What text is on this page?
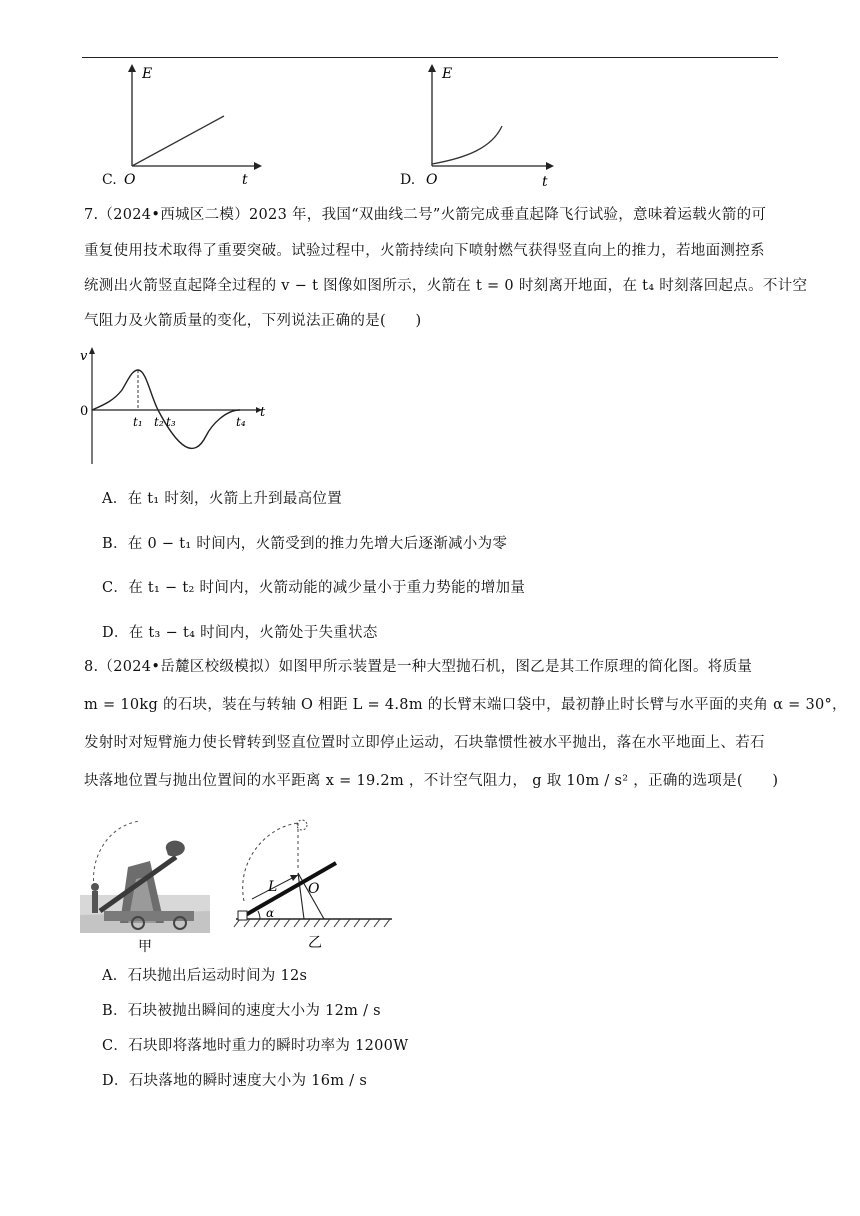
E
t
O
C.
E
t
O
D.
7.（2024•西城区二模）2023 年，我国“双曲线二号”火箭完成垂直起降飞行试验，意味着运载火箭的可
重复使用技术取得了重要突破。试验过程中，火箭持续向下喷射燃气获得竖直向上的推力，若地面测控系
统测出火箭竖直起降全过程的 v − t 图像如图所示，火箭在 t = 0 时刻离开地面，在 t₄ 时刻落回起点。不计空
气阻力及火箭质量的变化，下列说法正确的是(　　)
v
t
0
t₁ t₂ t₃	t₄
A．在 t₁ 时刻，火箭上升到最高位置
B．在 0 − t₁ 时间内，火箭受到的推力先增大后逐渐减小为零
C．在 t₁ − t₂ 时间内，火箭动能的减少量小于重力势能的增加量
D．在 t₃ − t₄ 时间内，火箭处于失重状态
8.（2024•岳麓区校级模拟）如图甲所示装置是一种大型抛石机，图乙是其工作原理的简化图。将质量
m = 10kg 的石块，装在与转轴 O 相距 L = 4.8m 的长臂末端口袋中，最初静止时长臂与水平面的夹角 α = 30°，
发射时对短臂施力使长臂转到竖直位置时立即停止运动，石块靠惯性被水平抛出，落在水平地面上、若石
块落地位置与抛出位置间的水平距离 x = 19.2m ，不计空气阻力， g 取 10m / s² ，正确的选项是(　　)
甲
L O
α
乙
A．石块抛出后运动时间为 12s
B．石块被抛出瞬间的速度大小为 12m / s
C．石块即将落地时重力的瞬时功率为 1200W
D．石块落地的瞬时速度大小为 16m / s
